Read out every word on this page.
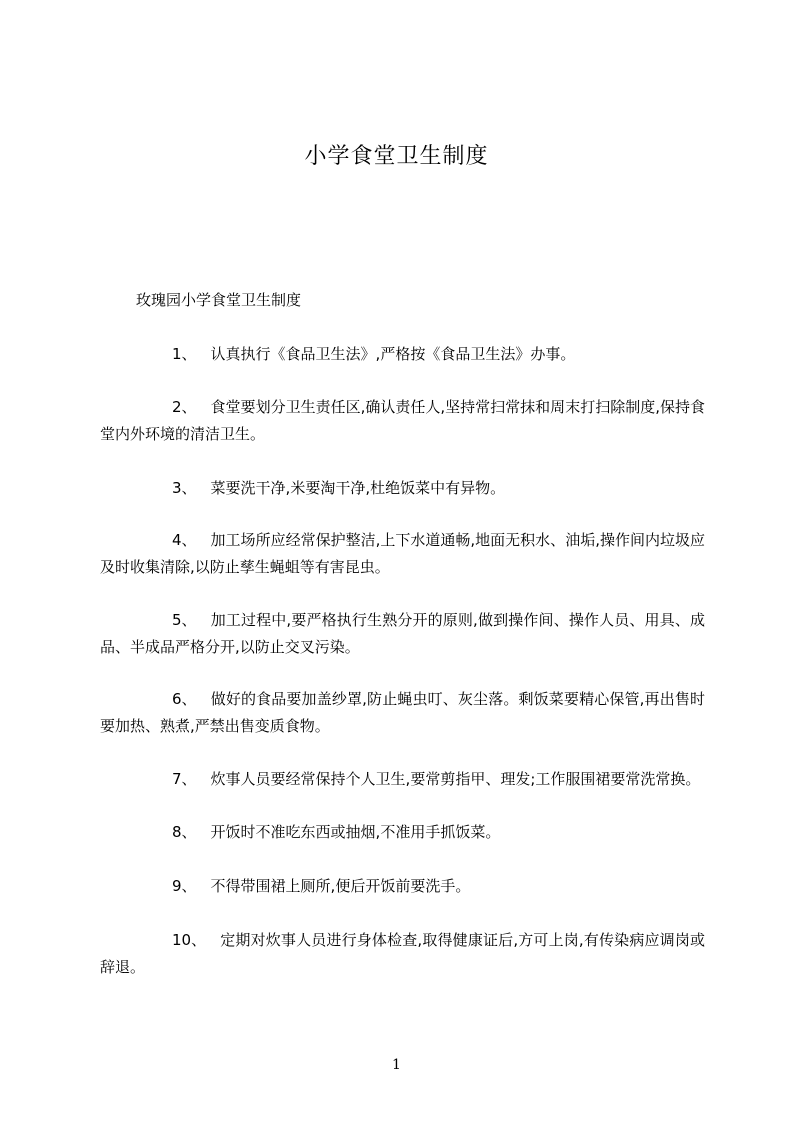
小学食堂卫生制度
玫瑰园小学食堂卫生制度
1、 认真执行《食品卫生法》,严格按《食品卫生法》办事。
2、 食堂要划分卫生责任区,确认责任人,坚持常扫常抹和周末打扫除制度,保持食堂内外环境的清洁卫生。
3、 菜要洗干净,米要淘干净,杜绝饭菜中有异物。
4、 加工场所应经常保护整洁,上下水道通畅,地面无积水、油垢,操作间内垃圾应及时收集清除,以防止孳生蝇蛆等有害昆虫。
5、 加工过程中,要严格执行生熟分开的原则,做到操作间、操作人员、用具、成品、半成品严格分开,以防止交叉污染。
6、 做好的食品要加盖纱罩,防止蝇虫叮、灰尘落。剩饭菜要精心保管,再出售时要加热、熟煮,严禁出售变质食物。
7、 炊事人员要经常保持个人卫生,要常剪指甲、理发;工作服围裙要常洗常换。
8、 开饭时不准吃东西或抽烟,不准用手抓饭菜。
9、 不得带围裙上厕所,便后开饭前要洗手。
10、 定期对炊事人员进行身体检查,取得健康证后,方可上岗,有传染病应调岗或辞退。
1
